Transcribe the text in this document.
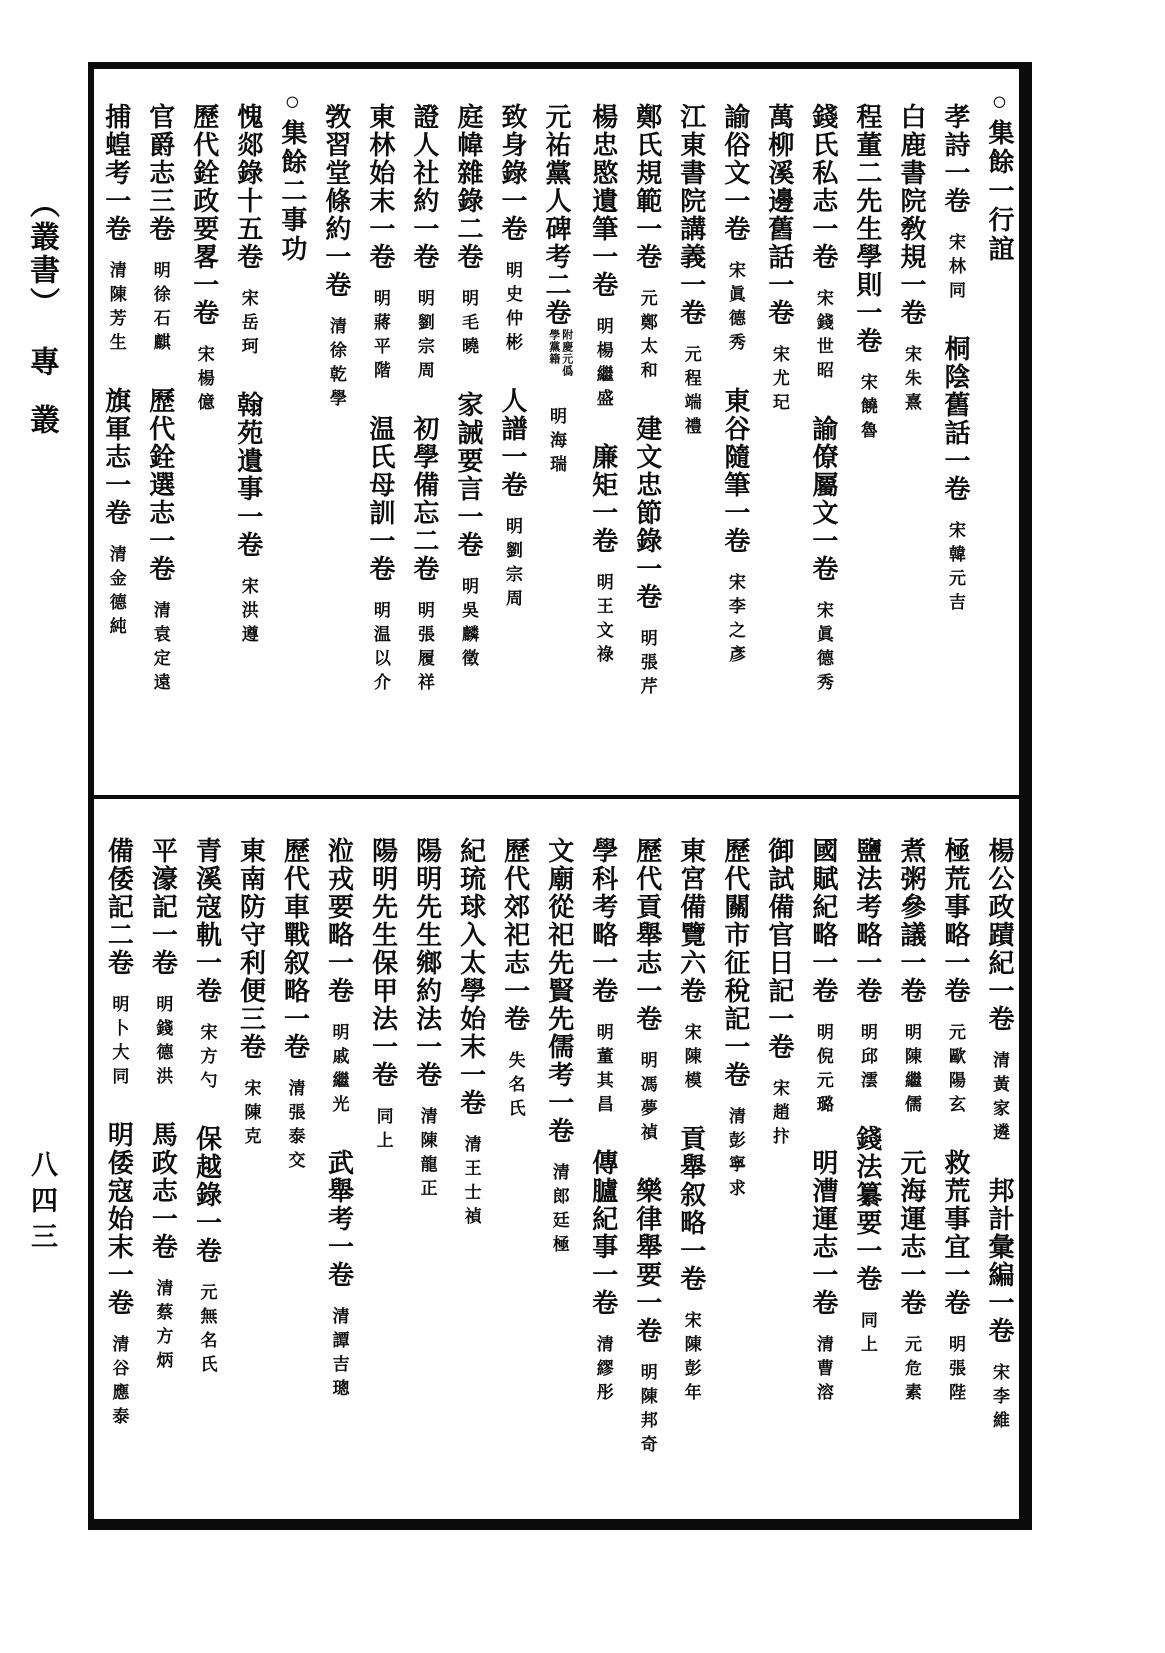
（叢書）專叢
八四三
○集餘一行誼
孝詩一卷宋林同桐陰舊話一卷宋韓元吉
白鹿書院敎規一卷宋朱熹
程董二先生學則一卷宋饒魯
錢氏私志一卷宋錢世昭諭僚屬文一卷宋眞德秀
萬柳溪邊舊話一卷宋尤玘
諭俗文一卷宋眞德秀東谷隨筆一卷宋李之彥
江東書院講義一卷元程端禮
鄭氏規範一卷元鄭太和建文忠節錄一卷明張芹
楊忠愍遺筆一卷明楊繼盛廉矩一卷明王文祿
元祐黨人碑考二卷附慶元僞學黨籍明海瑞
致身錄一卷明史仲彬人譜一卷明劉宗周
庭幃雜錄二卷明毛曉家誡要言一卷明吳麟徵
證人社約一卷明劉宗周初學備忘二卷明張履祥
東林始末一卷明蔣平階温氏母訓一卷明温以介
敩習堂條約一卷清徐乾學
○集餘二事功
愧郯錄十五卷宋岳珂翰苑遺事一卷宋洪遵
歷代銓政要畧一卷宋楊億
官爵志三卷明徐石麒歷代銓選志一卷清袁定遠
捕蝗考一卷清陳芳生旗軍志一卷清金德純
楊公政蹟紀一卷清黃家遴邦計彙編一卷宋李維
極荒事略一卷元歐陽玄救荒事宜一卷明張陛
煮粥參議一卷明陳繼儒元海運志一卷元危素
鹽法考略一卷明邱澐錢法纂要一卷同上
國賦紀略一卷明倪元璐明漕運志一卷清曹溶
御試備官日記一卷宋趙抃
歷代關市征稅記一卷清彭寧求
東宮備覽六卷宋陳模貢舉叙略一卷宋陳彭年
歷代貢舉志一卷明馮夢禎樂律舉要一卷明陳邦奇
學科考略一卷明董其昌傳臚紀事一卷清繆彤
文廟從祀先賢先儒考一卷清郎廷極
歷代郊祀志一卷失名氏
紀琉球入太學始末一卷清王士禎
陽明先生鄉約法一卷清陳龍正
陽明先生保甲法一卷同上
涖戎要略一卷明戚繼光武舉考一卷清譚吉璁
歷代車戰叙略一卷清張泰交
東南防守利便三卷宋陳克
青溪寇軌一卷宋方勺保越錄一卷元無名氏
平濠記一卷明錢德洪馬政志一卷清蔡方炳
備倭記二卷明卜大同明倭寇始末一卷清谷應泰
